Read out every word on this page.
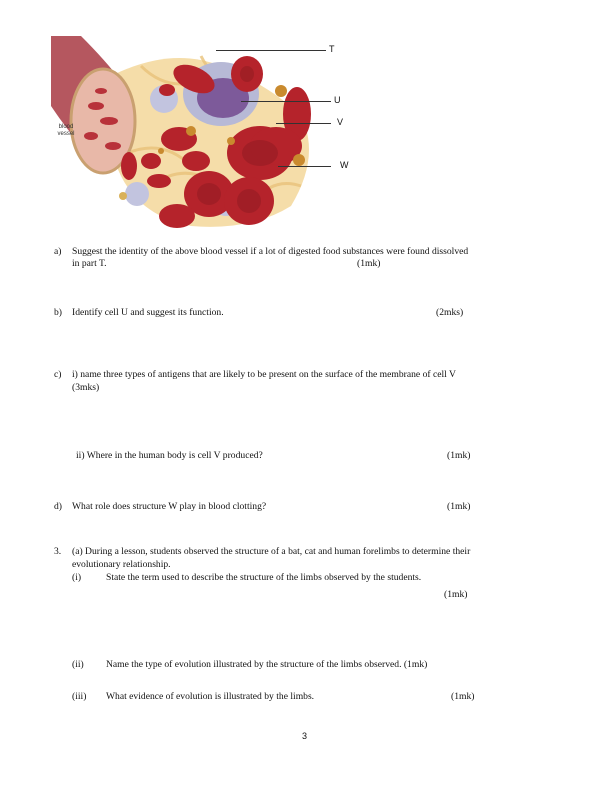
T
U
V
W
blood
vessel
a) Suggest the identity of the above blood vessel if a lot of digested food substances were found dissolved
in part T.	(1mk)
b) Identify cell U and suggest its function.	(2mks)
c) i) name three types of antigens that are likely to be present on the surface of the membrane of cell V
(3mks)
ii) Where in the human body is cell V produced?	(1mk)
d) What role does structure W play in blood clotting?	(1mk)
3. (a) During a lesson, students observed the structure of a bat, cat and human forelimbs to determine their
evolutionary relationship.
(i)	State the term used to describe the structure of the limbs observed by the students.
(1mk)
(ii) Name the type of evolution illustrated by the structure of the limbs observed. (1mk)
(iii) What evidence of evolution is illustrated by the limbs.	(1mk)
3
